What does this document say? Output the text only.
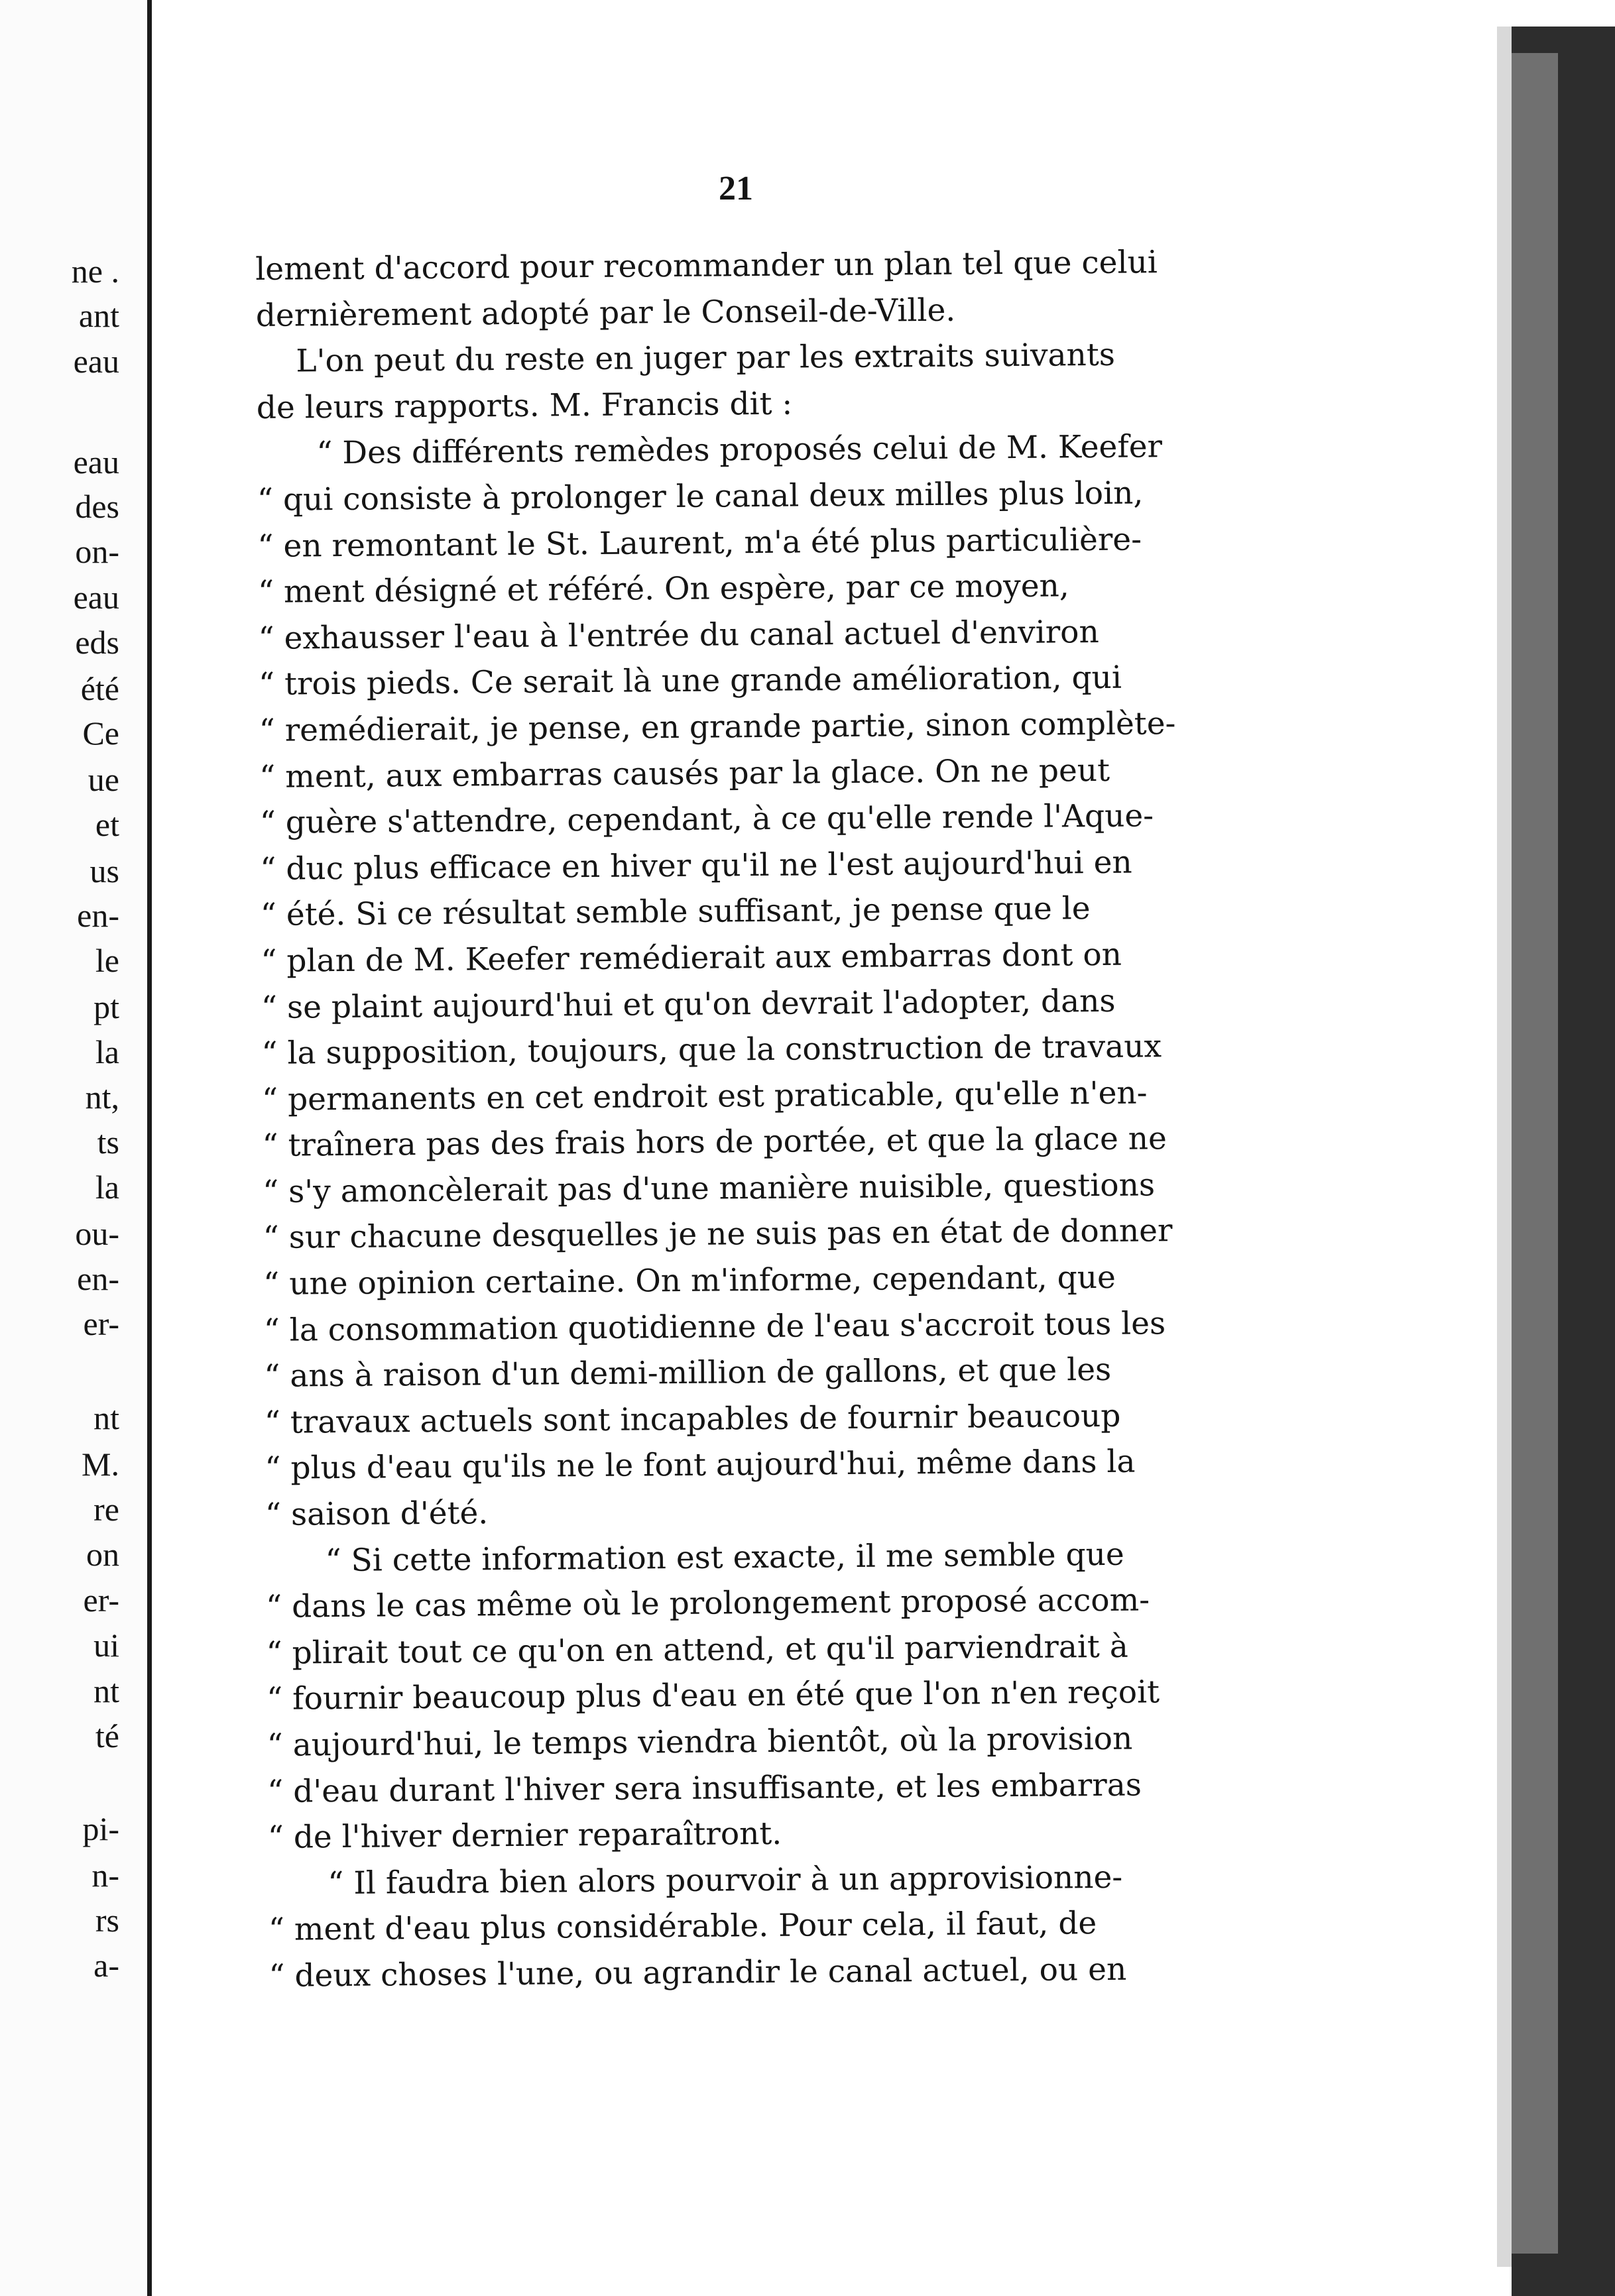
ne .
ant
eau
eau
des
on-
eau
eds
été
Ce
ue
et
us
en-
le
pt
la
nt,
ts
la
ou-
en-
er-
nt
M.
re
on
er-
ui
nt
té
pi-
n-
rs
a-
21
lement d'accord pour recommander un plan tel que celui
dernièrement adopté par le Conseil-de-Ville.
L'on peut du reste en juger par les extraits suivants
de leurs rapports. M. Francis dit :
“ Des différents remèdes proposés celui de M. Keefer
“ qui consiste à prolonger le canal deux milles plus loin,
“ en remontant le St. Laurent, m'a été plus particulière-
“ ment désigné et référé. On espère, par ce moyen,
“ exhausser l'eau à l'entrée du canal actuel d'environ
“ trois pieds. Ce serait là une grande amélioration, qui
“ remédierait, je pense, en grande partie, sinon complète-
“ ment, aux embarras causés par la glace. On ne peut
“ guère s'attendre, cependant, à ce qu'elle rende l'Aque-
“ duc plus efficace en hiver qu'il ne l'est aujourd'hui en
“ été. Si ce résultat semble suffisant, je pense que le
“ plan de M. Keefer remédierait aux embarras dont on
“ se plaint aujourd'hui et qu'on devrait l'adopter, dans
“ la supposition, toujours, que la construction de travaux
“ permanents en cet endroit est praticable, qu'elle n'en-
“ traînera pas des frais hors de portée, et que la glace ne
“ s'y amoncèlerait pas d'une manière nuisible, questions
“ sur chacune desquelles je ne suis pas en état de donner
“ une opinion certaine. On m'informe, cependant, que
“ la consommation quotidienne de l'eau s'accroit tous les
“ ans à raison d'un demi-million de gallons, et que les
“ travaux actuels sont incapables de fournir beaucoup
“ plus d'eau qu'ils ne le font aujourd'hui, même dans la
“ saison d'été.
“ Si cette information est exacte, il me semble que
“ dans le cas même où le prolongement proposé accom-
“ plirait tout ce qu'on en attend, et qu'il parviendrait à
“ fournir beaucoup plus d'eau en été que l'on n'en reçoit
“ aujourd'hui, le temps viendra bientôt, où la provision
“ d'eau durant l'hiver sera insuffisante, et les embarras
“ de l'hiver dernier reparaîtront.
“ Il faudra bien alors pourvoir à un approvisionne-
“ ment d'eau plus considérable. Pour cela, il faut, de
“ deux choses l'une, ou agrandir le canal actuel, ou en
